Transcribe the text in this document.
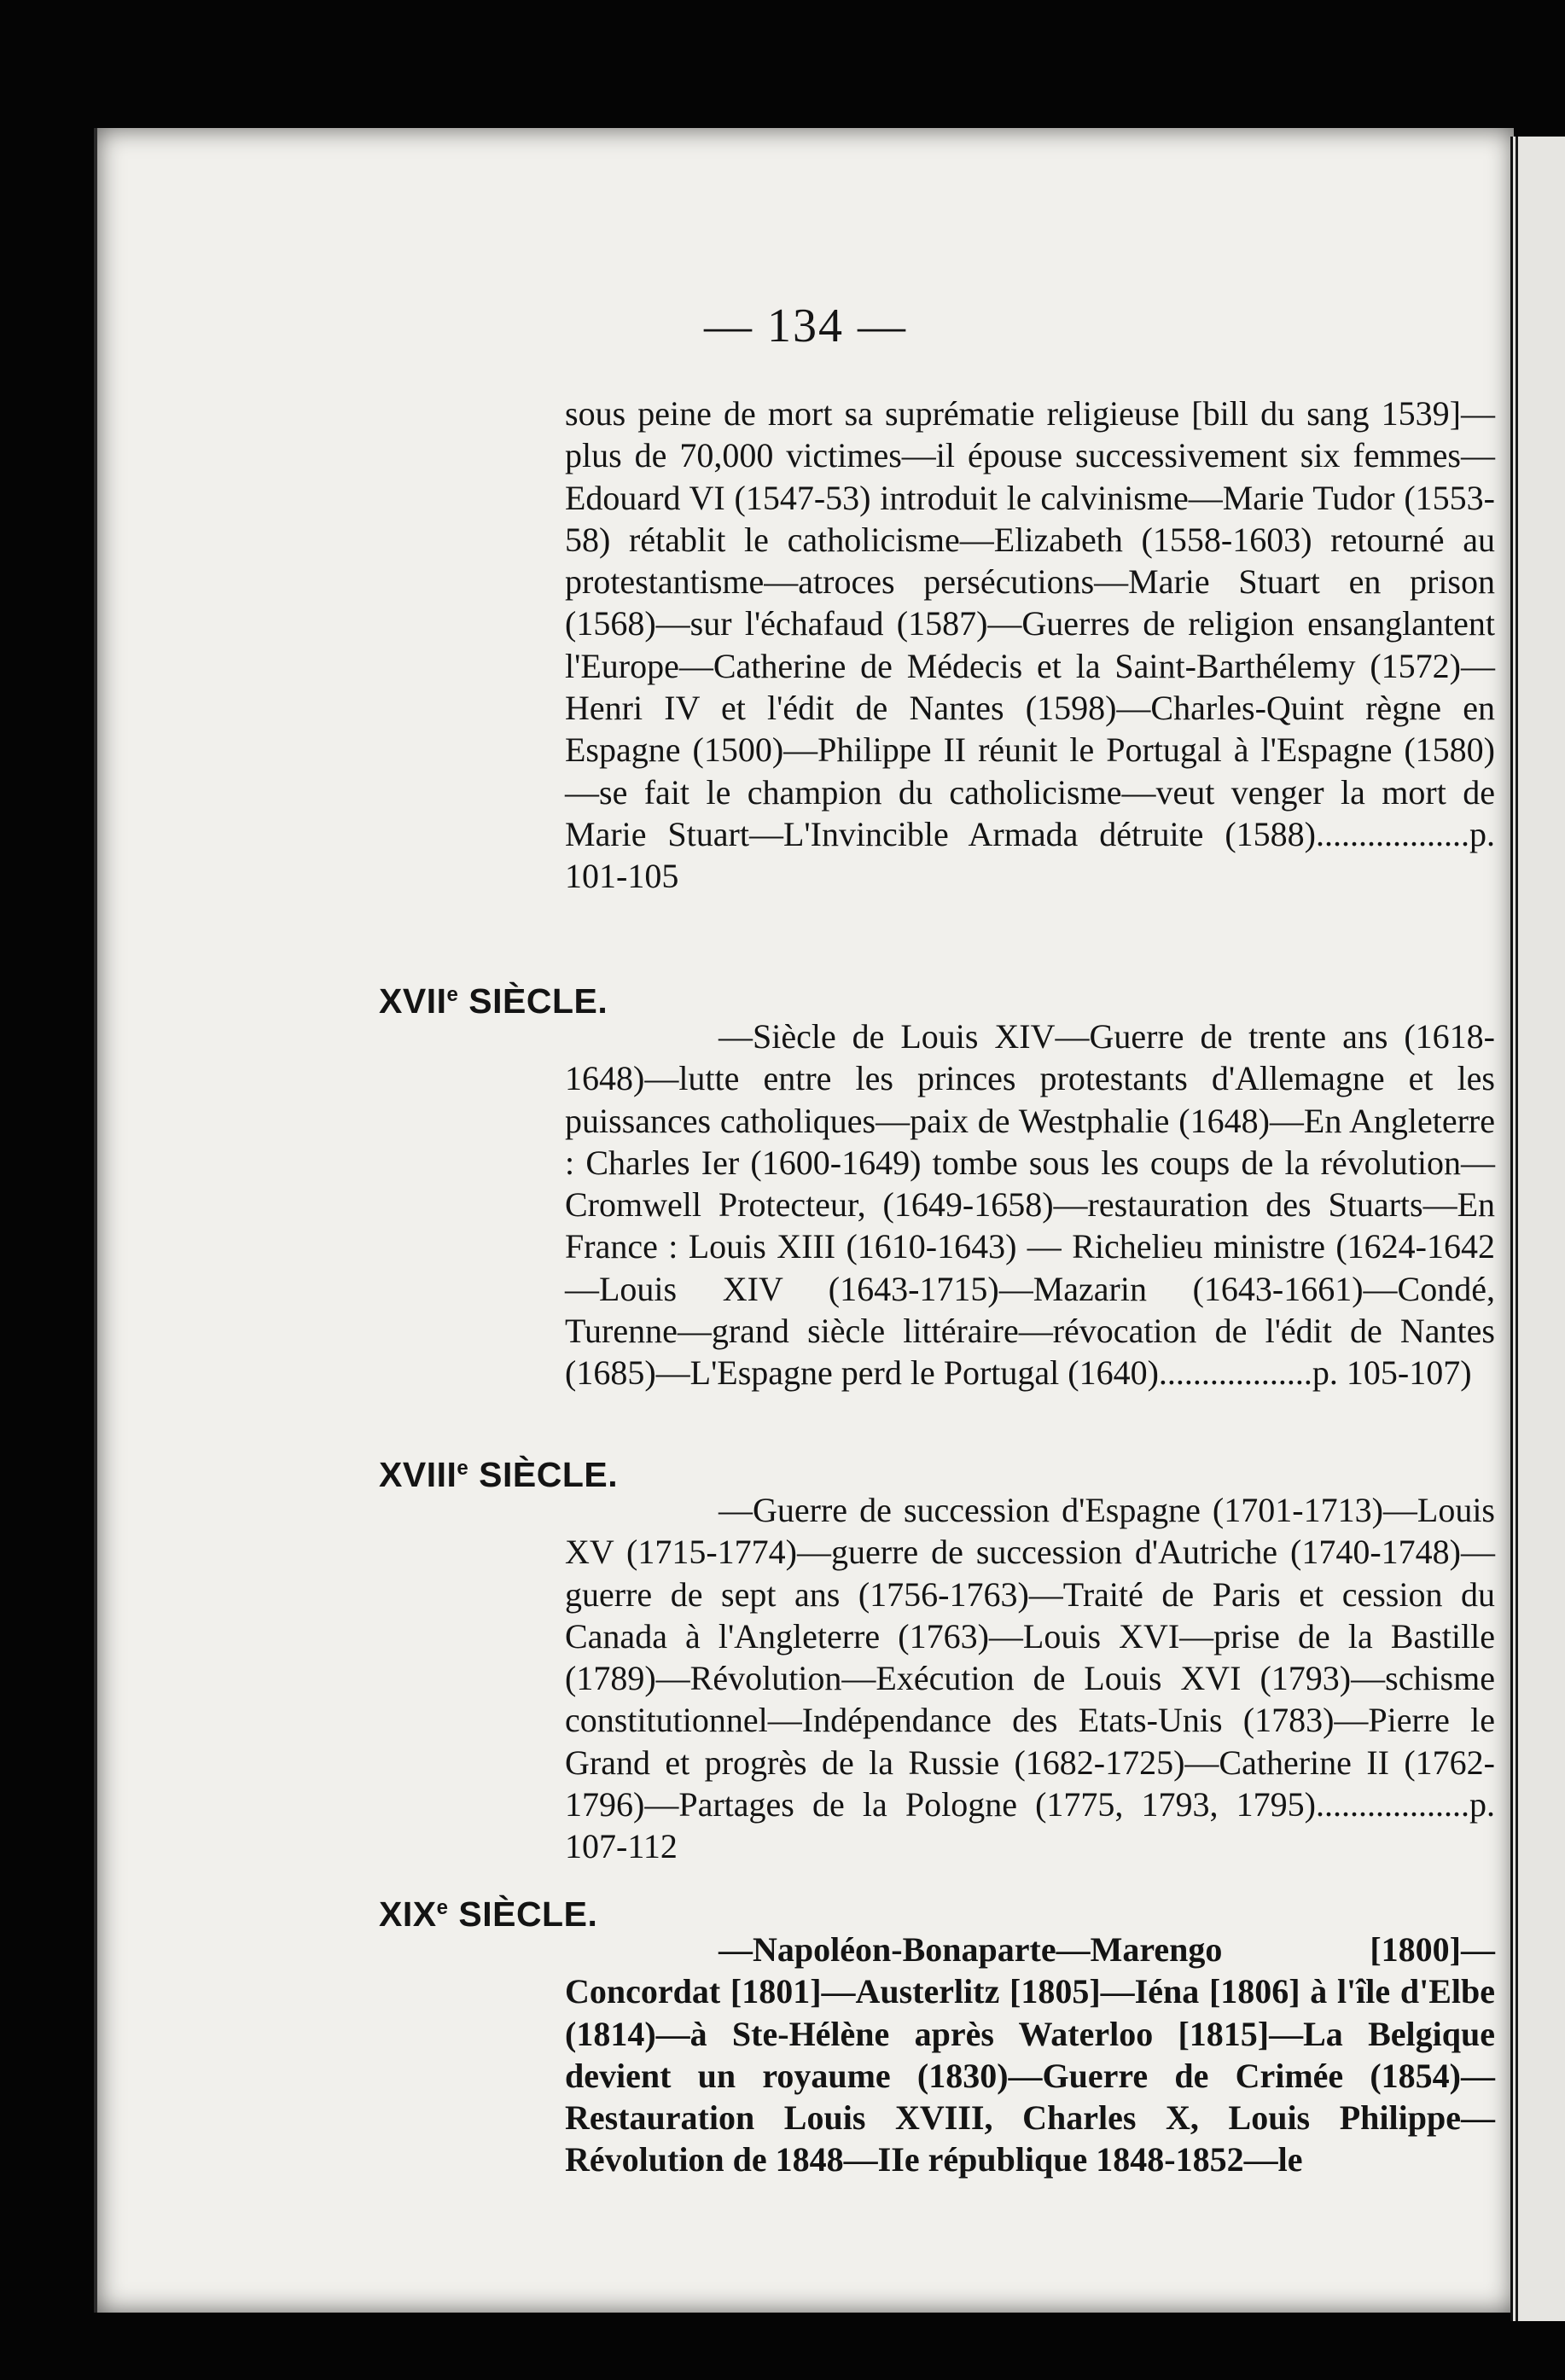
— 134 —

sous peine de mort sa suprématie religieuse [bill du sang 1539]—plus de 70,000 victimes—il épouse successivement six femmes—Edouard VI (1547-53) introduit le calvinisme—Marie Tudor (1553-58) rétablit le catholicisme—Elizabeth (1558-1603) retourné au protestantisme—atroces persécutions—Marie Stuart en prison (1568)—sur l'échafaud (1587)—Guerres de religion ensanglantent l'Europe—Catherine de Médecis et la Saint-Barthélemy (1572)—Henri IV et l'édit de Nantes (1598)—Charles-Quint règne en Espagne (1500)—Philippe II réunit le Portugal à l'Espagne (1580)—se fait le champion du catholicisme—veut venger la mort de Marie Stuart—L'Invincible Armada détruite (1588)..................p. 101-105

XVIIe SIÈCLE.

—Siècle de Louis XIV—Guerre de trente ans (1618-1648)—lutte entre les princes protestants d'Allemagne et les puissances catholiques—paix de Westphalie (1648)—En Angleterre : Charles Ier (1600-1649) tombe sous les coups de la révolution—Cromwell Protecteur, (1649-1658)—restauration des Stuarts—En France : Louis XIII (1610-1643) — Richelieu ministre (1624-1642—Louis XIV (1643-1715)—Mazarin (1643-1661)—Condé, Turenne—grand siècle littéraire—révocation de l'édit de Nantes (1685)—L'Espagne perd le Portugal (1640)..................p. 105-107)

XVIIIe SIÈCLE.

—Guerre de succession d'Espagne (1701-1713)—Louis XV (1715-1774)—guerre de succession d'Autriche (1740-1748)—guerre de sept ans (1756-1763)—Traité de Paris et cession du Canada à l'Angleterre (1763)—Louis XVI—prise de la Bastille (1789)—Révolution—Exécution de Louis XVI (1793)—schisme constitutionnel—Indépendance des Etats-Unis (1783)—Pierre le Grand et progrès de la Russie (1682-1725)—Catherine II (1762-1796)—Partages de la Pologne (1775, 1793, 1795)..................p. 107-112

XIXe SIÈCLE.

—Napoléon-Bonaparte—Marengo [1800]—Concordat [1801]—Austerlitz [1805]—Iéna [1806] à l'île d'Elbe (1814)—à Ste-Hélène après Waterloo [1815]—La Belgique devient un royaume (1830)—Guerre de Crimée (1854)—Restauration Louis XVIII, Charles X, Louis Philippe—Révolution de 1848—IIe république 1848-1852—le
